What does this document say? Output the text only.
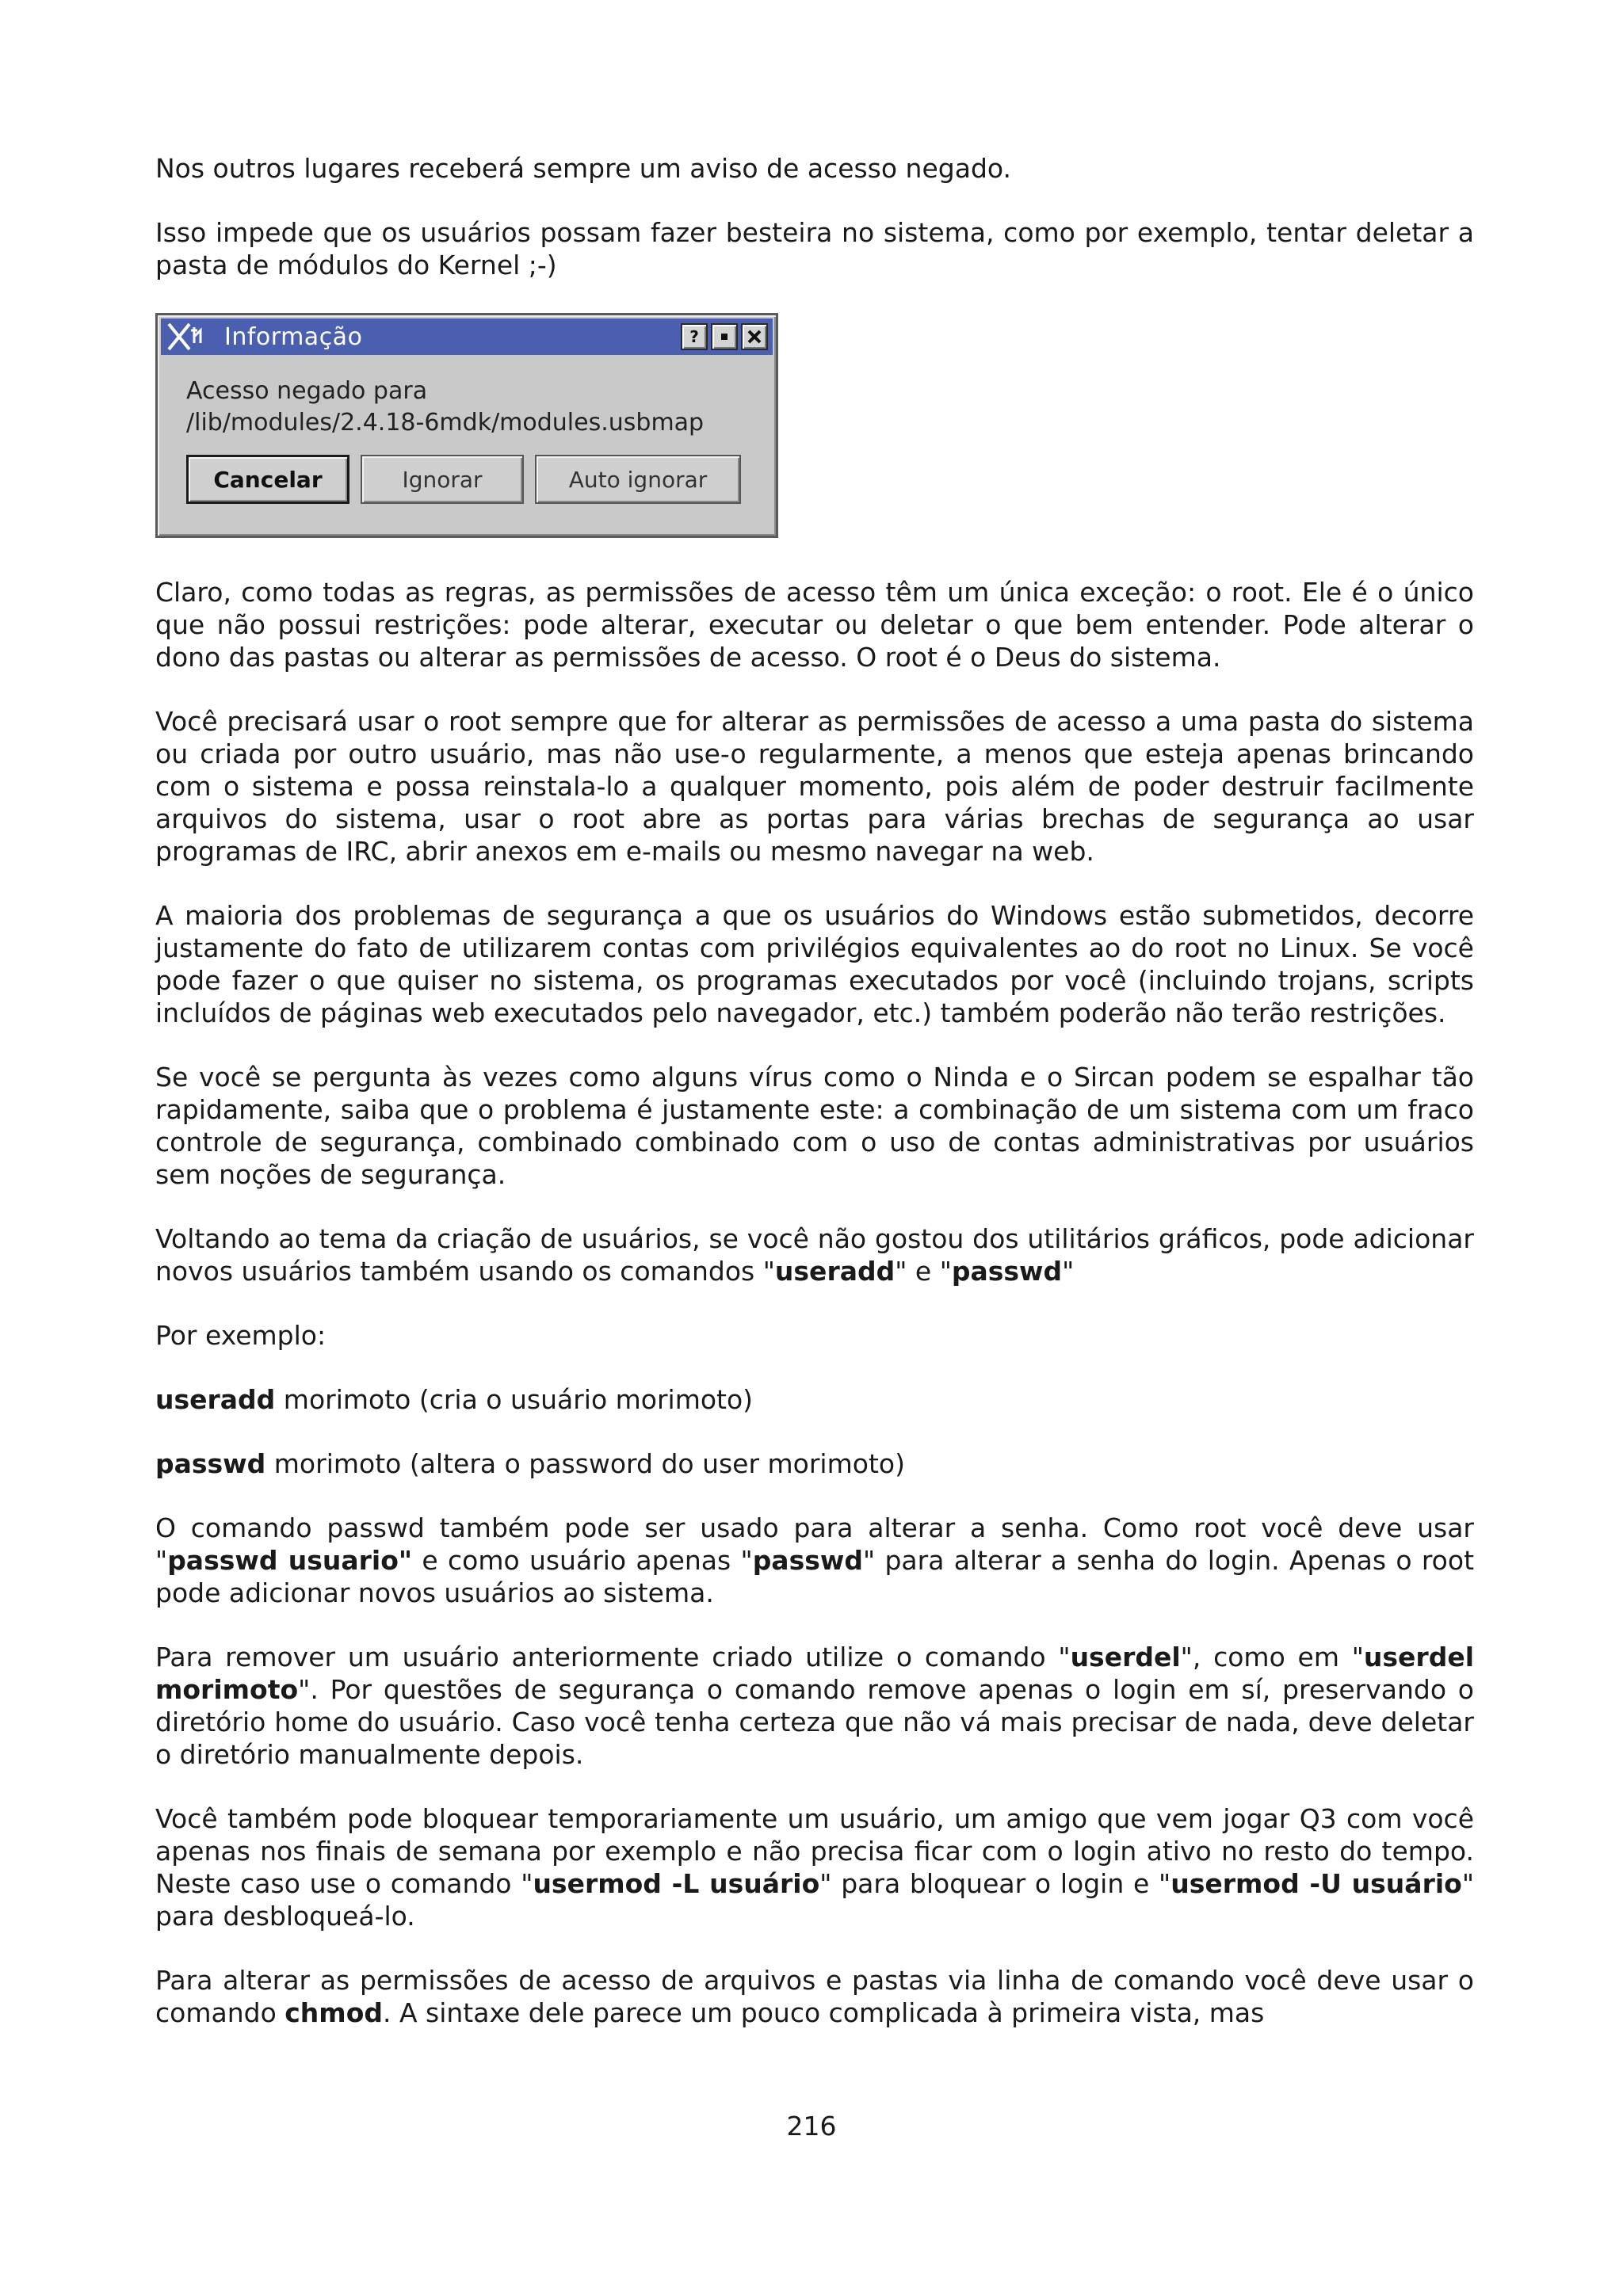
Nos outros lugares receberá sempre um aviso de acesso negado.

Isso impede que os usuários possam fazer besteira no sistema, como por exemplo, tentar deletar a pasta de módulos do Kernel ;-)

Informação	?
Acesso negado para
/lib/modules/2.4.18-6mdk/modules.usbmap
Cancelar	Ignorar	Auto ignorar

Claro, como todas as regras, as permissões de acesso têm um única exceção: o root. Ele é o único que não possui restrições: pode alterar, executar ou deletar o que bem entender. Pode alterar o dono das pastas ou alterar as permissões de acesso. O root é o Deus do sistema.

Você precisará usar o root sempre que for alterar as permissões de acesso a uma pasta do sistema ou criada por outro usuário, mas não use-o regularmente, a menos que esteja apenas brincando com o sistema e possa reinstala-lo a qualquer momento, pois além de poder destruir facilmente arquivos do sistema, usar o root abre as portas para várias brechas de segurança ao usar programas de IRC, abrir anexos em e-mails ou mesmo navegar na web.

A maioria dos problemas de segurança a que os usuários do Windows estão submetidos, decorre justamente do fato de utilizarem contas com privilégios equivalentes ao do root no Linux. Se você pode fazer o que quiser no sistema, os programas executados por você (incluindo trojans, scripts incluídos de páginas web executados pelo navegador, etc.) também poderão não terão restrições.

Se você se pergunta às vezes como alguns vírus como o Ninda e o Sircan podem se espalhar tão rapidamente, saiba que o problema é justamente este: a combinação de um sistema com um fraco controle de segurança, combinado combinado com o uso de contas administrativas por usuários sem noções de segurança.

Voltando ao tema da criação de usuários, se você não gostou dos utilitários gráficos, pode adicionar novos usuários também usando os comandos "useradd" e "passwd"

Por exemplo:

useradd morimoto (cria o usuário morimoto)

passwd morimoto (altera o password do user morimoto)

O comando passwd também pode ser usado para alterar a senha. Como root você deve usar "passwd usuario" e como usuário apenas "passwd" para alterar a senha do login. Apenas o root pode adicionar novos usuários ao sistema.

Para remover um usuário anteriormente criado utilize o comando "userdel", como em "userdel morimoto". Por questões de segurança o comando remove apenas o login em sí, preservando o diretório home do usuário. Caso você tenha certeza que não vá mais precisar de nada, deve deletar o diretório manualmente depois.

Você também pode bloquear temporariamente um usuário, um amigo que vem jogar Q3 com você apenas nos finais de semana por exemplo e não precisa ficar com o login ativo no resto do tempo. Neste caso use o comando "usermod -L usuário" para bloquear o login e "usermod -U usuário" para desbloqueá-lo.

Para alterar as permissões de acesso de arquivos e pastas via linha de comando você deve usar o comando chmod. A sintaxe dele parece um pouco complicada à primeira vista, mas

216
